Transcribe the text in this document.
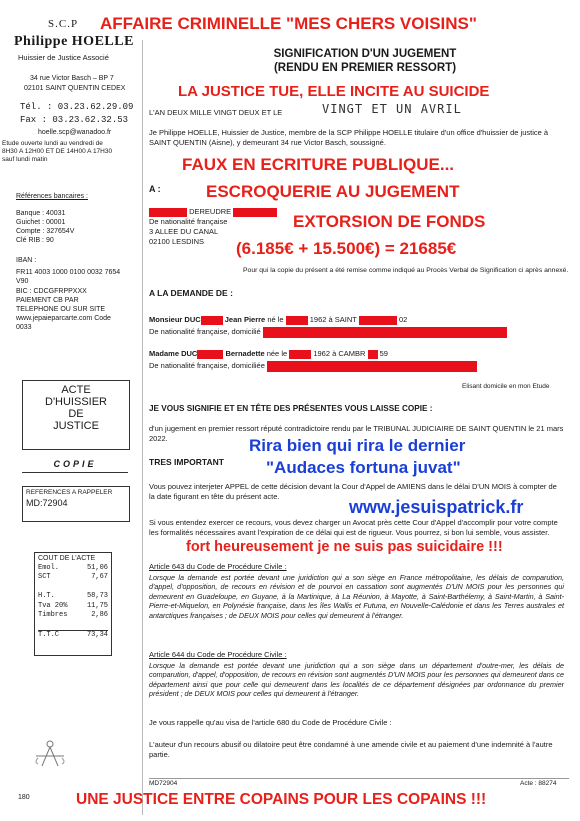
S.C.P
Philippe HOELLE
Huissier de Justice Associé
34 rue Victor Basch – BP 7
02101 SAINT QUENTIN CEDEX
Tél. : 03.23.62.29.09
Fax : 03.23.62.32.53
hoelle.scp@wanadoo.fr
Etude ouverte lundi au vendredi de 8H30 A 12H00 ET DE 14H00 A 17H30 sauf lundi matin
Références bancaires :
Banque : 40031
Guichet : 00001
Compte : 327654V
Clé RIB : 90
IBAN :
FR11 4003 1000 0100 0032 7654 V90
BIC : CDCGFRPPXXX
PAIEMENT CB PAR
TELEPHONE OU SUR SITE
www.jepaieparcarte.com Code 0033
ACTE
D'HUISSIER
DE
JUSTICE
COPIE
REFERENCES A RAPPELER
MD:72904
COUT DE L'ACTE
Emol.	51,06
SCT	7,67
H.T.	58,73
Tva 20%	11,75
Timbres	2,86
T.T.C	73,34
180
SIGNIFICATION D'UN JUGEMENT
(RENDU EN PREMIER RESSORT)
L'AN DEUX MILLE VINGT DEUX ET LE	VINGT ET UN AVRIL
Je Philippe HOELLE, Huissier de Justice, membre de la SCP Philippe HOELLE titulaire d'un office d'huissier de justice à SAINT QUENTIN (Aisne), y demeurant 34 rue Victor Basch, soussigné.
A :
DEREUDRE
De nationalité française
3 ALLEE DU CANAL
02100 LESDINS
Pour qui la copie du présent a été remise comme indiqué au Procès Verbal de Signification ci après annexé.
A LA DEMANDE DE :
Monsieur DUC	Jean Pierre né le	1962 à SAINT	02
De nationalité française, domicilié
Madame DUC	Bernadette née le	1962 à CAMBR 59
De nationalité française, domiciliée
Elisant domicile en mon Etude
JE VOUS SIGNIFIE ET EN TÊTE DES PRÉSENTES VOUS LAISSE COPIE :
d'un jugement en premier ressort réputé contradictoire rendu par le TRIBUNAL JUDICIAIRE DE SAINT QUENTIN le 21 mars 2022.
TRES IMPORTANT
Vous pouvez interjeter APPEL de cette décision devant la Cour d'Appel de AMIENS dans le délai D'UN MOIS à compter de la date figurant en tête du présent acte.
Si vous entendez exercer ce recours, vous devez charger un Avocat près cette Cour d'Appel d'accomplir pour votre compte les formalités nécessaires avant l'expiration de ce délai qui est de rigueur. Vous pourrez, si bon lui semble, vous assister.
Article 643 du Code de Procédure Civile :
Lorsque la demande est portée devant une juridiction qui a son siège en France métropolitaine, les délais de comparution, d'appel, d'opposition, de recours en révision et de pourvoi en cassation sont augmentés D'UN MOIS pour les personnes qui demeurent en Guadeloupe, en Guyane, à la Martinique, à La Réunion, à Mayotte, à Saint-Barthélemy, à Saint-Martin, à Saint-Pierre-et-Miquelon, en Polynésie française, dans les îles Wallis et Futuna, en Nouvelle-Calédonie et dans les Terres australes et antarctiques françaises ; de DEUX MOIS pour celles qui demeurent à l'étranger.
Article 644 du Code de Procédure Civile :
Lorsque la demande est portée devant une juridiction qui a son siège dans un département d'outre-mer, les délais de comparution, d'appel, d'opposition, de recours en révision sont augmentés D'UN MOIS pour les personnes qui demeurent dans ce département ainsi que pour celle qui demeurent dans les localités de ce département désignées par ordonnance du premier président ; de DEUX MOIS pour celles qui demeurent à l'étranger.
Je vous rappelle qu'au visa de l'article 680 du Code de Procédure Civile :
L'auteur d'un recours abusif ou dilatoire peut être condamné à une amende civile et au paiement d'une indemnité à l'autre partie.
MD72904	Acte : 88274
AFFAIRE CRIMINELLE "MES CHERS VOISINS"
LA JUSTICE TUE, ELLE INCITE AU SUICIDE
FAUX EN ECRITURE PUBLIQUE...
ESCROQUERIE AU JUGEMENT
EXTORSION DE FONDS
(6.185€ + 15.500€) = 21685€
Rira bien qui rira le dernier
"Audaces fortuna juvat"
www.jesuispatrick.fr
fort heureusement je ne suis pas suicidaire !!!
UNE JUSTICE ENTRE COPAINS POUR LES COPAINS !!!
